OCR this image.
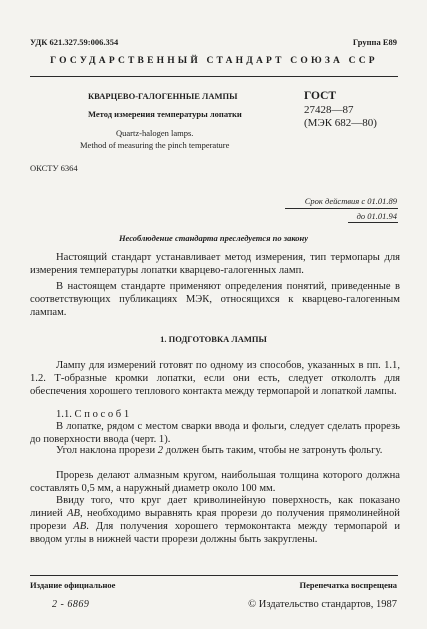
УДК 621.327.59:006.354	Группа Е89
ГОСУДАРСТВЕННЫЙ СТАНДАРТ СОЮЗА ССР
КВАРЦЕВО-ГАЛОГЕННЫЕ ЛАМПЫ
Метод измерения температуры лопатки
Quartz-halogen lamps.
Method of measuring the pinch temperature
ГОСТ
27428—87
(МЭК 682—80)
ОКСТУ 6364
Срок действия с 01.01.89
до 01.01.94
Несоблюдение стандарта преследуется по закону
Настоящий стандарт устанавливает метод измерения, тип термопары для измерения температуры лопатки кварцево-галогенных ламп.
В настоящем стандарте применяют определения понятий, приведенные в соответствующих публикациях МЭК, относящихся к кварцево-галогенным лампам.
1. ПОДГОТОВКА ЛАМПЫ
Лампу для измерений готовят по одному из способов, указанных в пп. 1.1, 1.2. Т-образные кромки лопатки, если они есть, следует откололть для обеспечения хорошего теплового контакта между термопарой и лопаткой лампы.
1.1. С п о с о б 1
В лопатке, рядом с местом сварки ввода и фольги, следует сделать прорезь до поверхности ввода (черт. 1).
Угол наклона прорези 2 должен быть таким, чтобы не затронуть фольгу.
Прорезь делают алмазным кругом, наибольшая толщина которого должна составлять 0,5 мм, а наружный диаметр около 100 мм.
Ввиду того, что круг дает криволинейную поверхность, как показано линией AB, необходимо выравнять края прорези до получения прямолинейной прорези AB. Для получения хорошего термоконтакта между термопарой и вводом углы в нижней части прорези должны быть закруглены.
Издание официальное	Перепечатка воспрещена
2 - 6869	© Издательство стандартов, 1987
